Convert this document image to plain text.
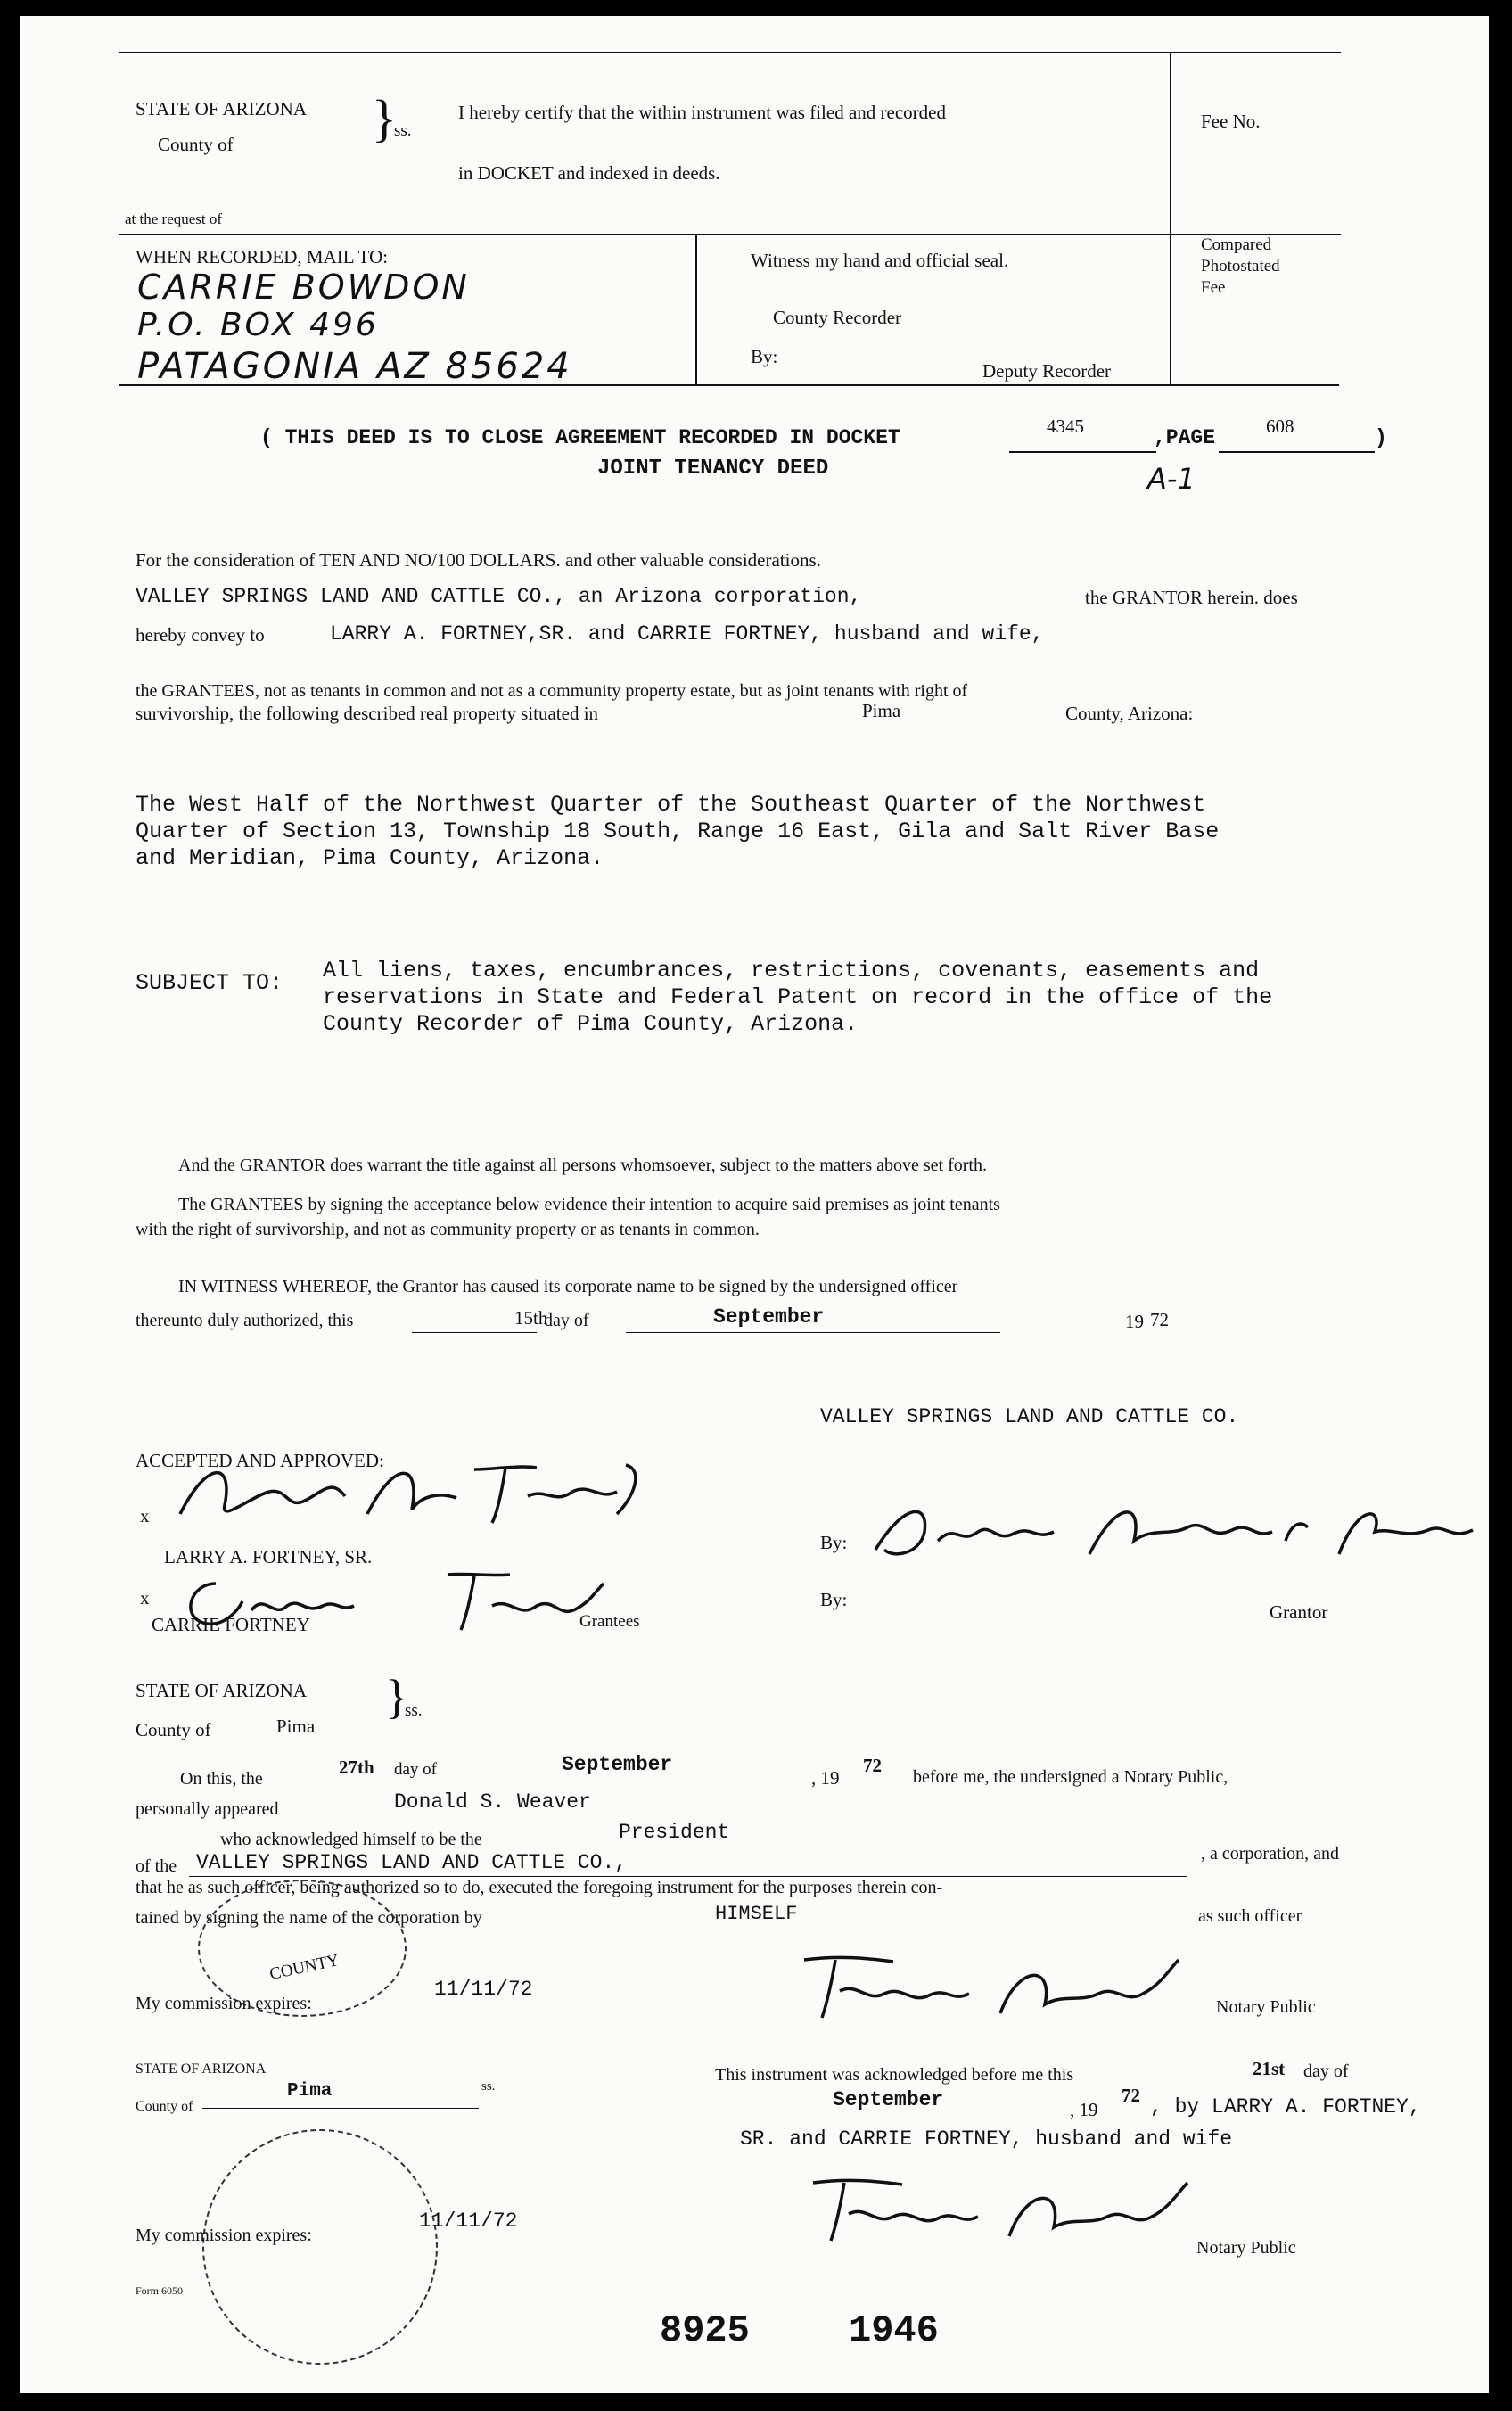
STATE OF ARIZONA
County of	}
ss.
I hereby certify that the within instrument was filed and recorded
in DOCKET and indexed in deeds.
Fee No.
at the request of
WHEN RECORDED, MAIL TO:
CARRIE BOWDON
P.O. BOX 496
PATAGONIA AZ 85624
Witness my hand and official seal.
County Recorder
By:
Deputy Recorder
Compared
Photostated
Fee
( THIS DEED IS TO CLOSE AGREEMENT RECORDED IN DOCKET	4345	,PAGE	608	)
JOINT TENANCY DEED	A-1
For the consideration of TEN AND NO/100 DOLLARS. and other valuable considerations.
VALLEY SPRINGS LAND AND CATTLE CO., an Arizona corporation,	the GRANTOR herein. does
hereby convey to	LARRY A. FORTNEY,SR. and CARRIE FORTNEY, husband and wife,
the GRANTEES, not as tenants in common and not as a community property estate, but as joint tenants with right of
survivorship, the following described real property situated in	Pima	County, Arizona:
The West Half of the Northwest Quarter of the Southeast Quarter of the Northwest
Quarter of Section 13, Township 18 South, Range 16 East, Gila and Salt River Base
and Meridian, Pima County, Arizona.
SUBJECT TO: All liens, taxes, encumbrances, restrictions, covenants, easements and
reservations in State and Federal Patent on record in the office of the
County Recorder of Pima County, Arizona.
And the GRANTOR does warrant the title against all persons whomsoever, subject to the matters above set forth.
The GRANTEES by signing the acceptance below evidence their intention to acquire said premises as joint tenants
with the right of survivorship, and not as community property or as tenants in common.
IN WITNESS WHEREOF, the Grantor has caused its corporate name to be signed by the undersigned officer
thereunto duly authorized, this	15th
day of	September	19 72
VALLEY SPRINGS LAND AND CATTLE CO.
ACCEPTED AND APPROVED:
x
LARRY A. FORTNEY, SR.
x
CARRIE FORTNEY	Grantees
By:
By:
Grantor
STATE OF ARIZONA
County of	Pima
}
ss.
On this, the
27th day of	September
, 19
72
before me, the undersigned a Notary Public,
personally appeared	Donald S. Weaver
who acknowledged himself to be the	President
of the VALLEY SPRINGS LAND AND CATTLE CO.,	, a corporation, and
that he as such officer, being authorized so to do, executed the foregoing instrument for the purposes therein con-
tained by signing the name of the corporation by	HIMSELF	as such officer
COUNTY
My commission expires:
11/11/72
Notary Public
STATE OF ARIZONA
County of
Pima	ss.
This instrument was acknowledged before me this	21st day of
September	, 19
72 , by LARRY A. FORTNEY,
SR. and CARRIE FORTNEY, husband and wife
My commission expires:
11/11/72
Notary Public
Form 6050
8925	1946
